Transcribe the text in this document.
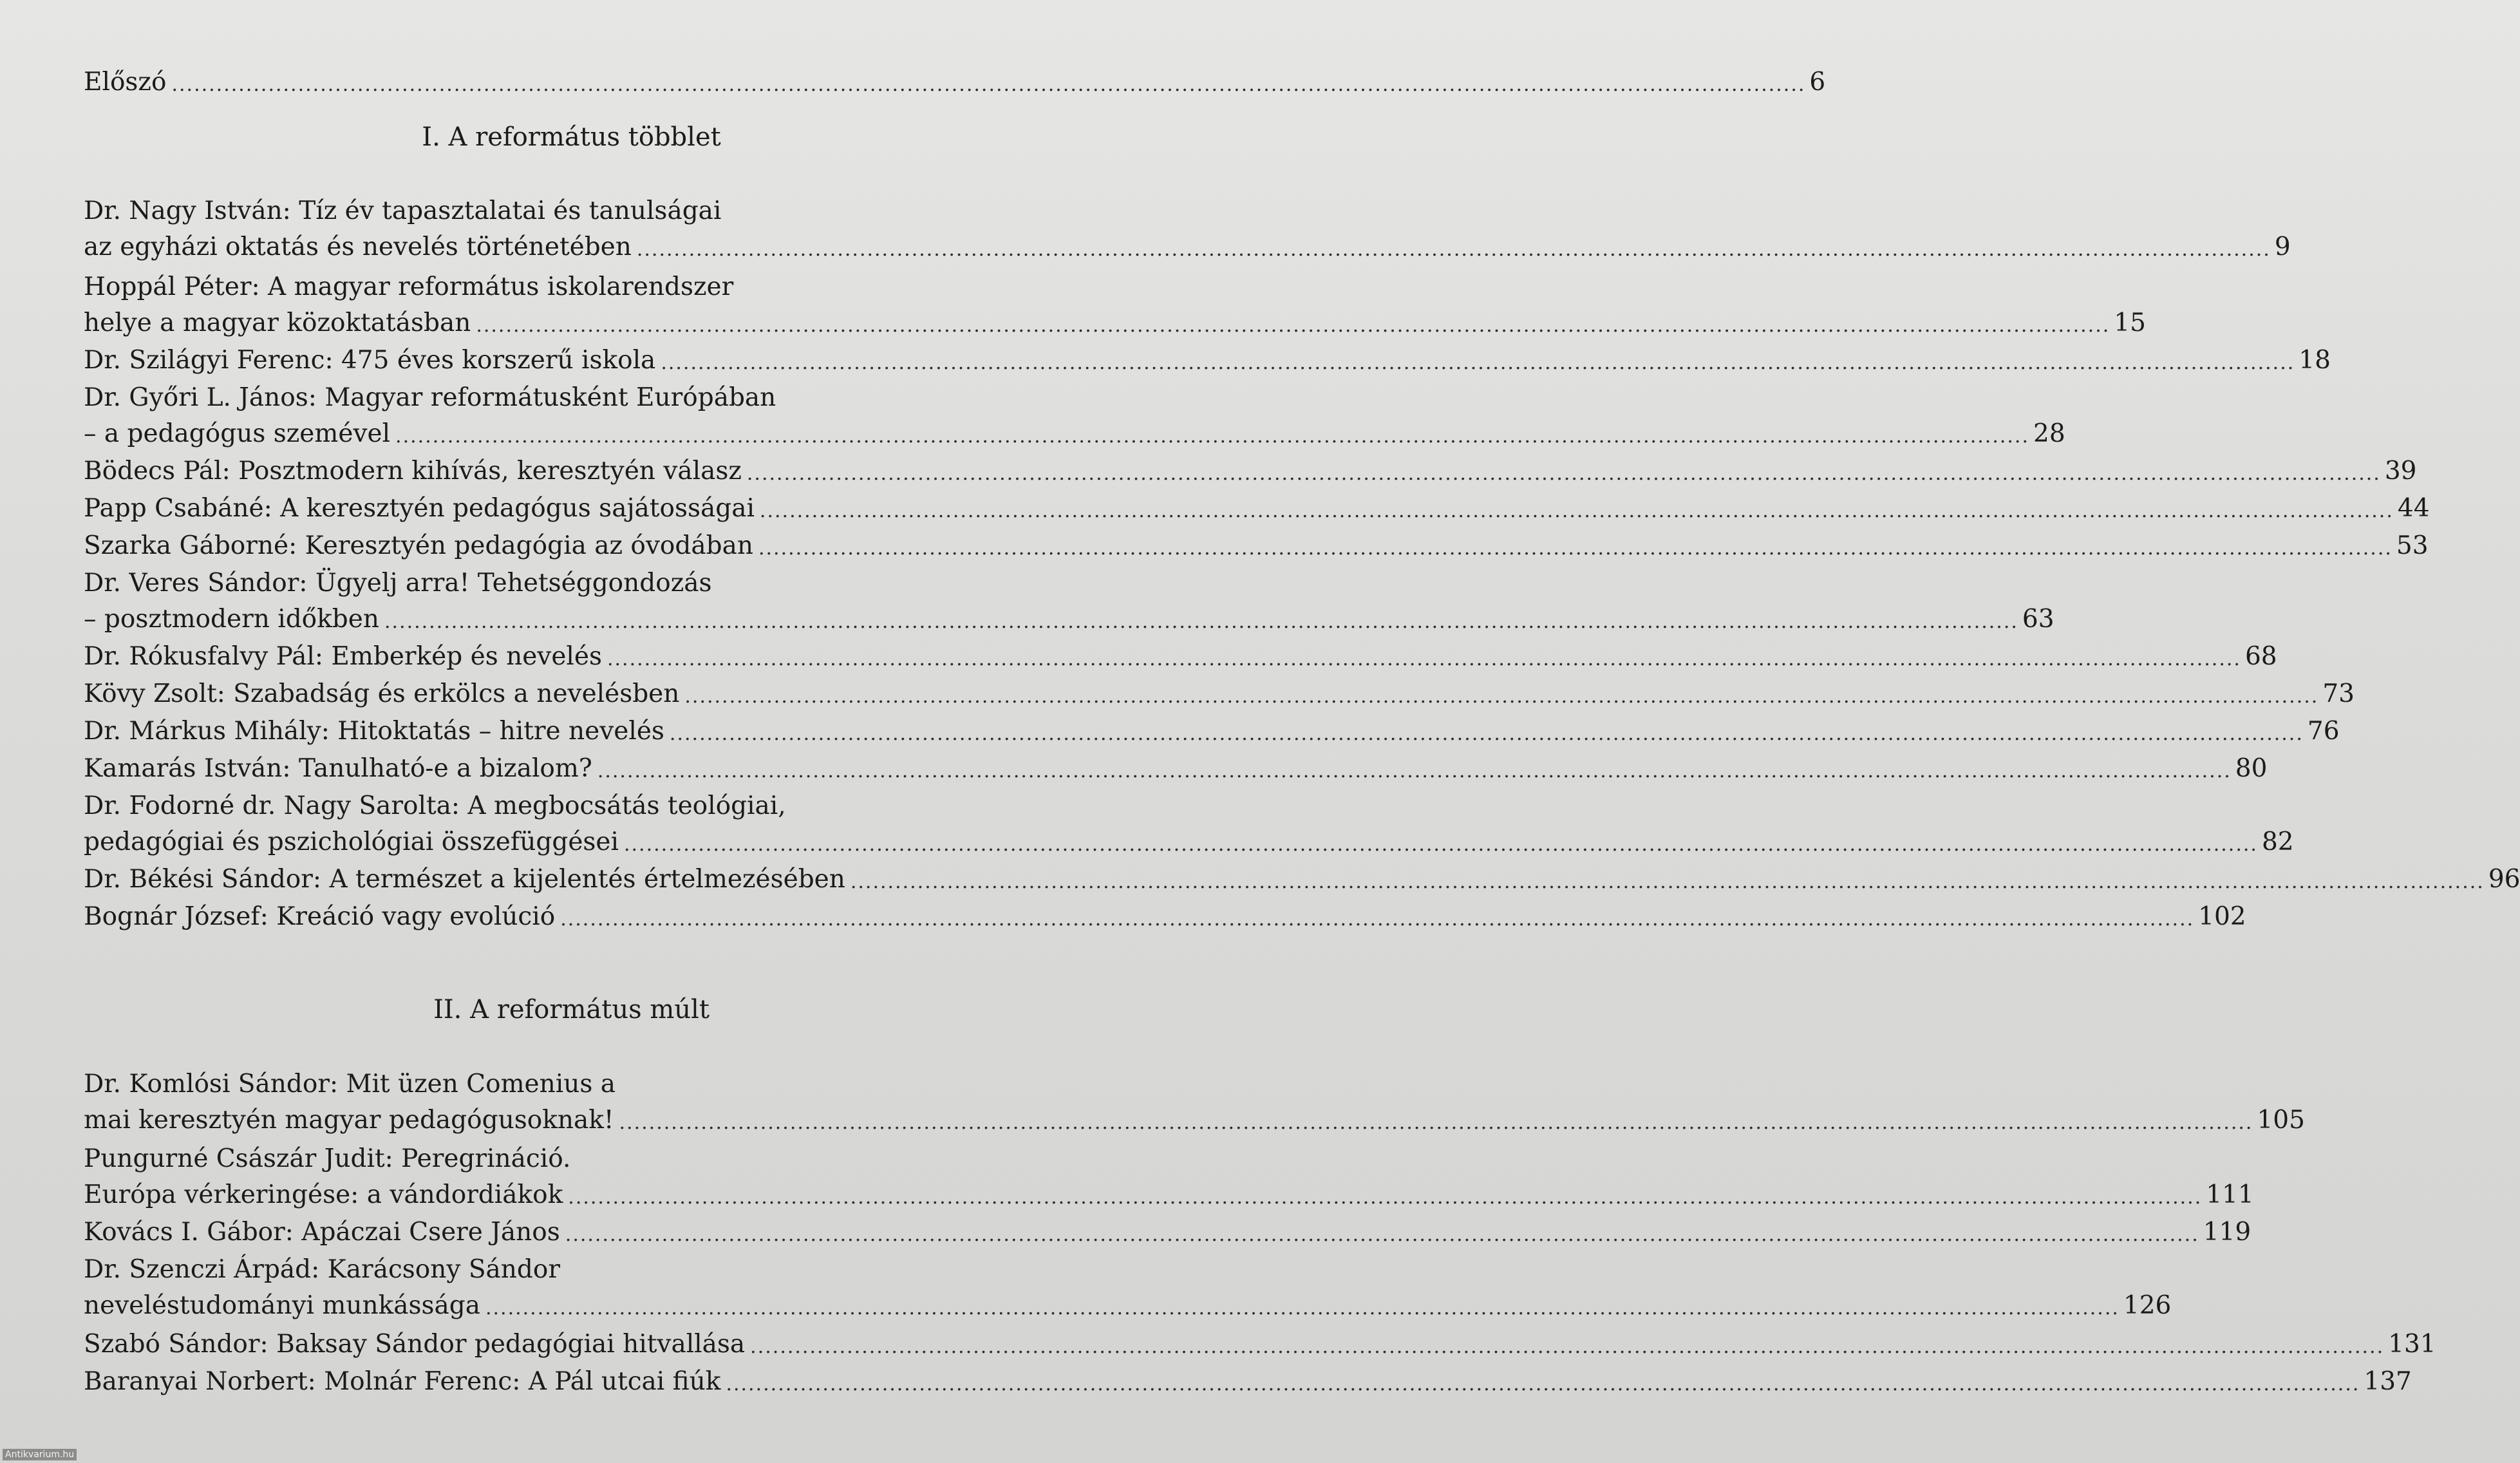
Előszó ............................................................................................................................................................................................................................ 6
I. A református többlet
Dr. Nagy István: Tíz év tapasztalatai és tanulságai
az egyházi oktatás és nevelés történetében ............................................................................................................................................................................................................................ 9
Hoppál Péter: A magyar református iskolarendszer
helye a magyar közoktatásban ............................................................................................................................................................................................................................ 15
Dr. Szilágyi Ferenc: 475 éves korszerű iskola ............................................................................................................................................................................................................................ 18
Dr. Győri L. János: Magyar reformátusként Európában
– a pedagógus szemével ............................................................................................................................................................................................................................ 28
Bödecs Pál: Posztmodern kihívás, keresztyén válasz ............................................................................................................................................................................................................................ 39
Papp Csabáné: A keresztyén pedagógus sajátosságai ............................................................................................................................................................................................................................ 44
Szarka Gáborné: Keresztyén pedagógia az óvodában ............................................................................................................................................................................................................................ 53
Dr. Veres Sándor: Ügyelj arra! Tehetséggondozás
– posztmodern időkben ............................................................................................................................................................................................................................ 63
Dr. Rókusfalvy Pál: Emberkép és nevelés ............................................................................................................................................................................................................................ 68
Kövy Zsolt: Szabadság és erkölcs a nevelésben ............................................................................................................................................................................................................................ 73
Dr. Márkus Mihály: Hitoktatás – hitre nevelés ............................................................................................................................................................................................................................ 76
Kamarás István: Tanulható-e a bizalom? ............................................................................................................................................................................................................................ 80
Dr. Fodorné dr. Nagy Sarolta: A megbocsátás teológiai,
pedagógiai és pszichológiai összefüggései ............................................................................................................................................................................................................................ 82
Dr. Békési Sándor: A természet a kijelentés értelmezésében ............................................................................................................................................................................................................................ 96
Bognár József: Kreáció vagy evolúció ............................................................................................................................................................................................................................ 102
II. A református múlt
Dr. Komlósi Sándor: Mit üzen Comenius a
mai keresztyén magyar pedagógusoknak! ............................................................................................................................................................................................................................ 105
Pungurné Császár Judit: Peregrináció.
Európa vérkeringése: a vándordiákok ............................................................................................................................................................................................................................ 111
Kovács I. Gábor: Apáczai Csere János ............................................................................................................................................................................................................................ 119
Dr. Szenczi Árpád: Karácsony Sándor
neveléstudományi munkássága ............................................................................................................................................................................................................................ 126
Szabó Sándor: Baksay Sándor pedagógiai hitvallása ............................................................................................................................................................................................................................ 131
Baranyai Norbert: Molnár Ferenc: A Pál utcai fiúk ............................................................................................................................................................................................................................ 137
Antikvarium.hu
